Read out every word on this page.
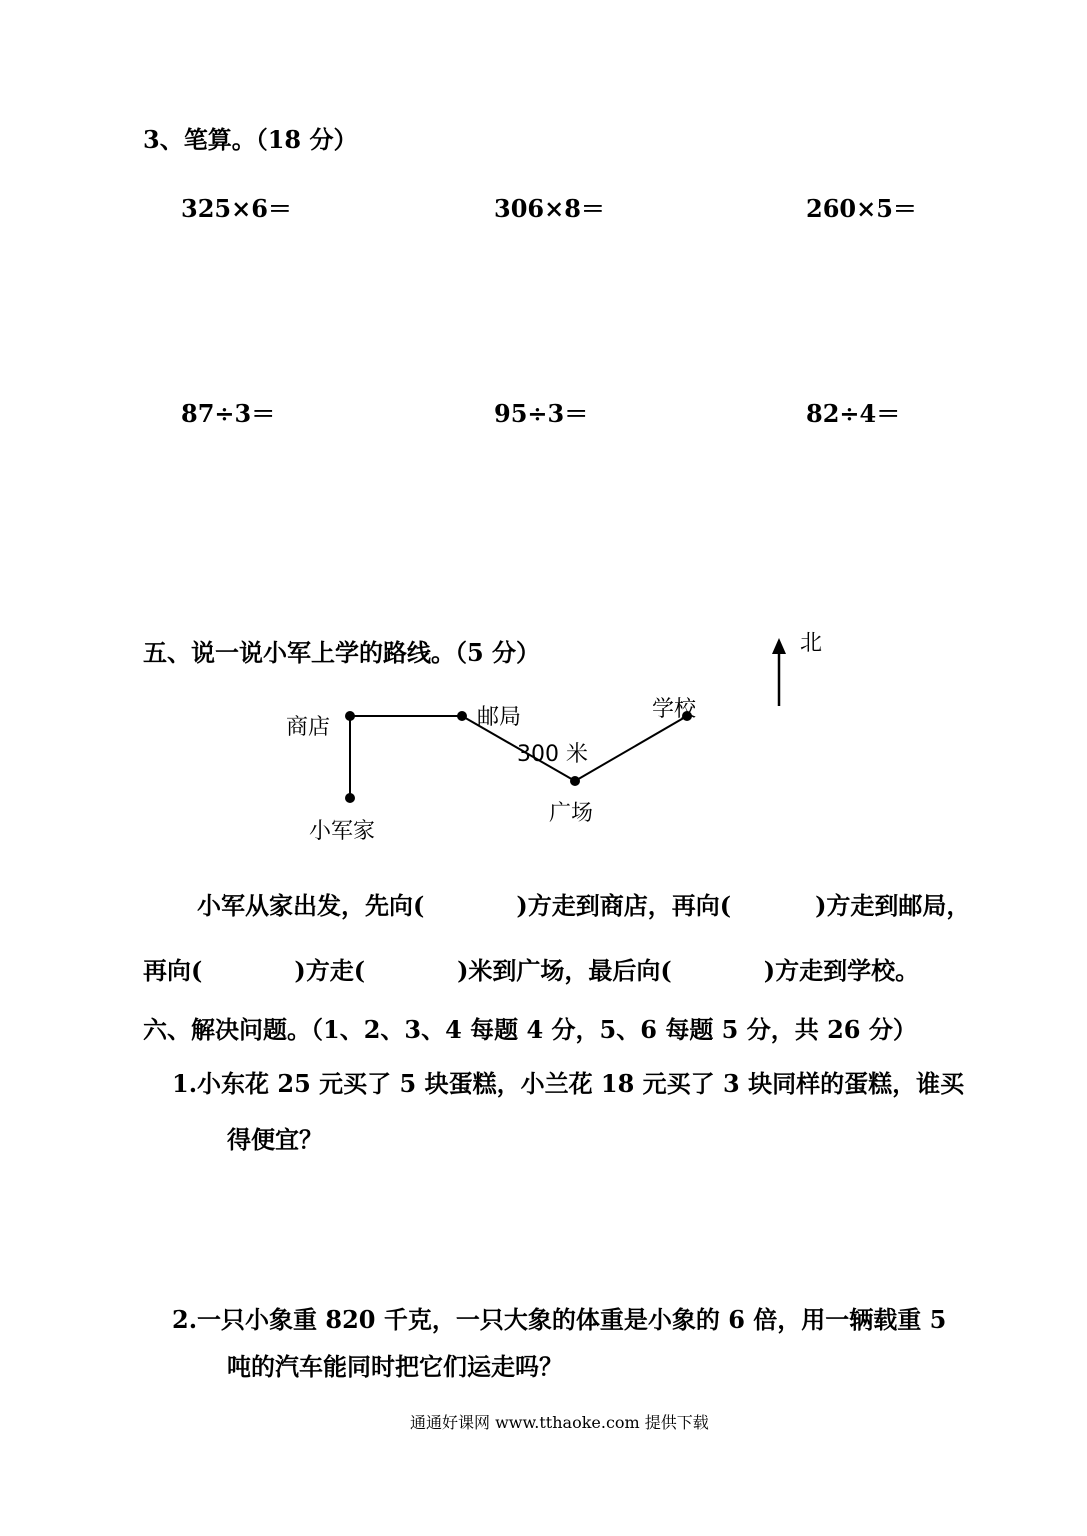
3、笔算。（18 分）
325×6＝	306×8＝	260×5＝
87÷3＝	95÷3＝	82÷4＝
五、说一说小军上学的路线。（5 分）	北
商店	邮局	学校
300 米
小军家
广场
小军从家出发，先向(	)方走到商店，再向(	)方走到邮局，
再向(	)方走(	)米到广场，最后向(	)方走到学校。
六、解决问题。（1、2、3、4 每题 4 分，5、6 每题 5 分，共 26 分）
1.小东花 25 元买了 5 块蛋糕，小兰花 18 元买了 3 块同样的蛋糕，谁买
得便宜？
2.一只小象重 820 千克，一只大象的体重是小象的 6 倍，用一辆载重 5
吨的汽车能同时把它们运走吗？
通通好课网 www.tthaoke.com 提供下载
